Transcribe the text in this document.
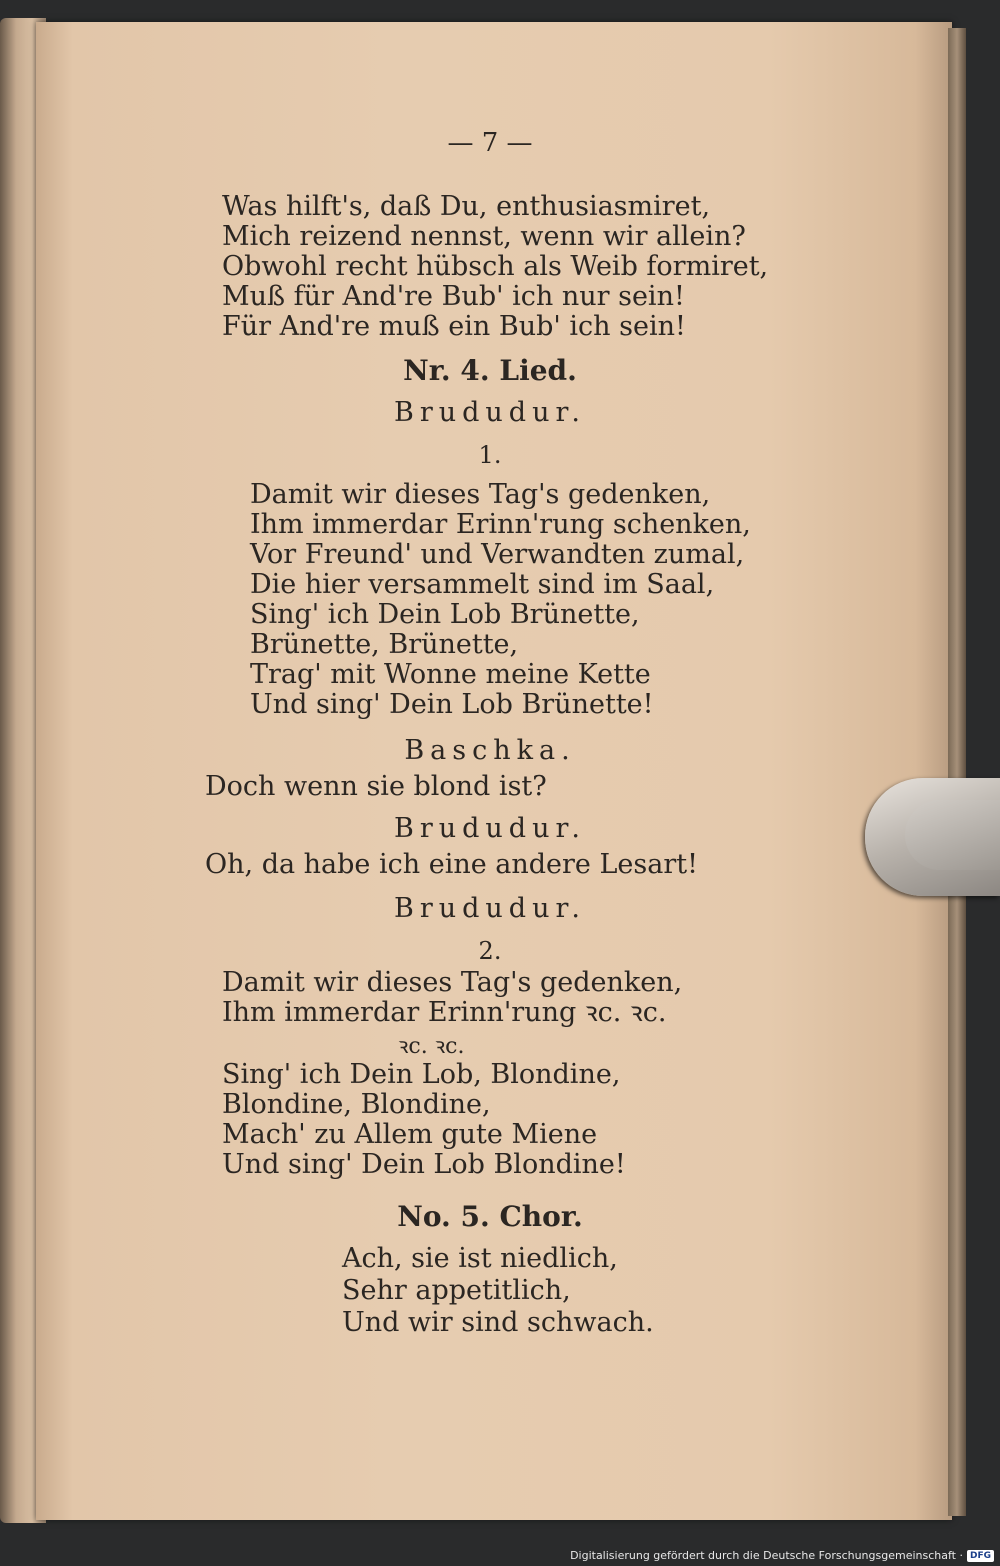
— 7 —
Was hilft's, daß Du, enthusiasmiret,
Mich reizend nennst, wenn wir allein?
Obwohl recht hübsch als Weib formiret,
Muß für And're Bub' ich nur sein!
Für And're muß ein Bub' ich sein!
Nr. 4. Lied.
Brududur.
1.
Damit wir dieses Tag's gedenken,
Ihm immerdar Erinn'rung schenken,
Vor Freund' und Verwandten zumal,
Die hier versammelt sind im Saal,
Sing' ich Dein Lob Brünette,
Brünette, Brünette,
Trag' mit Wonne meine Kette
Und sing' Dein Lob Brünette!
Baschka.
Doch wenn sie blond ist?
Brududur.
Oh, da habe ich eine andere Lesart!
Brududur.
2.
Damit wir dieses Tag's gedenken,
Ihm immerdar Erinn'rung ꝛc. ꝛc.
ꝛc. ꝛc.
Sing' ich Dein Lob, Blondine,
Blondine, Blondine,
Mach' zu Allem gute Miene
Und sing' Dein Lob Blondine!
No. 5. Chor.
Ach, sie ist niedlich,
Sehr appetitlich,
Und wir sind schwach.
Digitalisierung gefördert durch die Deutsche Forschungsgemeinschaft · DFG
